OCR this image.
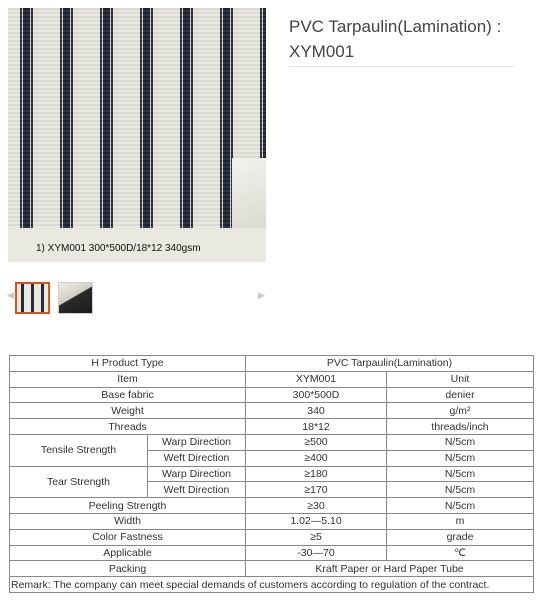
1) XYM001 300*500D/18*12 340gsm
PVC Tarpaulin(Lamination) : XYM001
◀	▶
H Product Type		PVC Tarpaulin(Lamination)	
Item		XYM001	Unit
Base fabric		300*500D	denier
Weight		340	g/m²
Threads		18*12	threads/inch
Tensile Strength	Warp Direction	≥500	N/5cm
	Weft Direction	≥400	N/5cm
Tear Strength	Warp Direction	≥180	N/5cm
	Weft Direction	≥170	N/5cm
Peeling Strength		≥30	N/5cm
Width		1.02—5.10	m
Color Fastness		≥5	grade
Applicable		-30—70	℃
Packing		Kraft Paper or Hard Paper Tube	
Remark: The company can meet special demands of customers according to regulation of the contract.			
